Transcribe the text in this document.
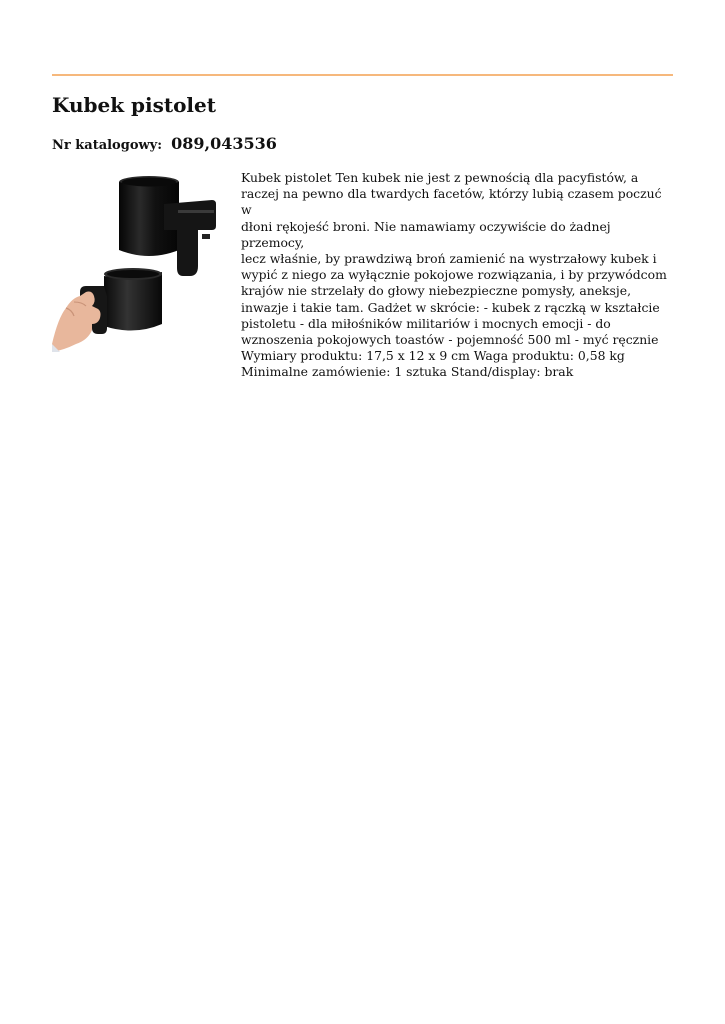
Kubek pistolet
Nr katalogowy: 089,043536

Kubek pistolet Ten kubek nie jest z pewnością dla pacyfistów, a
raczej na pewno dla twardych facetów, którzy lubią czasem poczuć w
dłoni rękojeść broni. Nie namawiamy oczywiście do żadnej przemocy,
lecz właśnie, by prawdziwą broń zamienić na wystrzałowy kubek i
wypić z niego za wyłącznie pokojowe rozwiązania, i by przywódcom
krajów nie strzelały do głowy niebezpieczne pomysły, aneksje,
inwazje i takie tam. Gadżet w skrócie: - kubek z rączką w kształcie
pistoletu - dla miłośników militariów i mocnych emocji - do
wznoszenia pokojowych toastów - pojemność 500 ml - myć ręcznie
Wymiary produktu: 17,5 x 12 x 9 cm Waga produktu: 0,58 kg
Minimalne zamówienie: 1 sztuka Stand/display: brak
